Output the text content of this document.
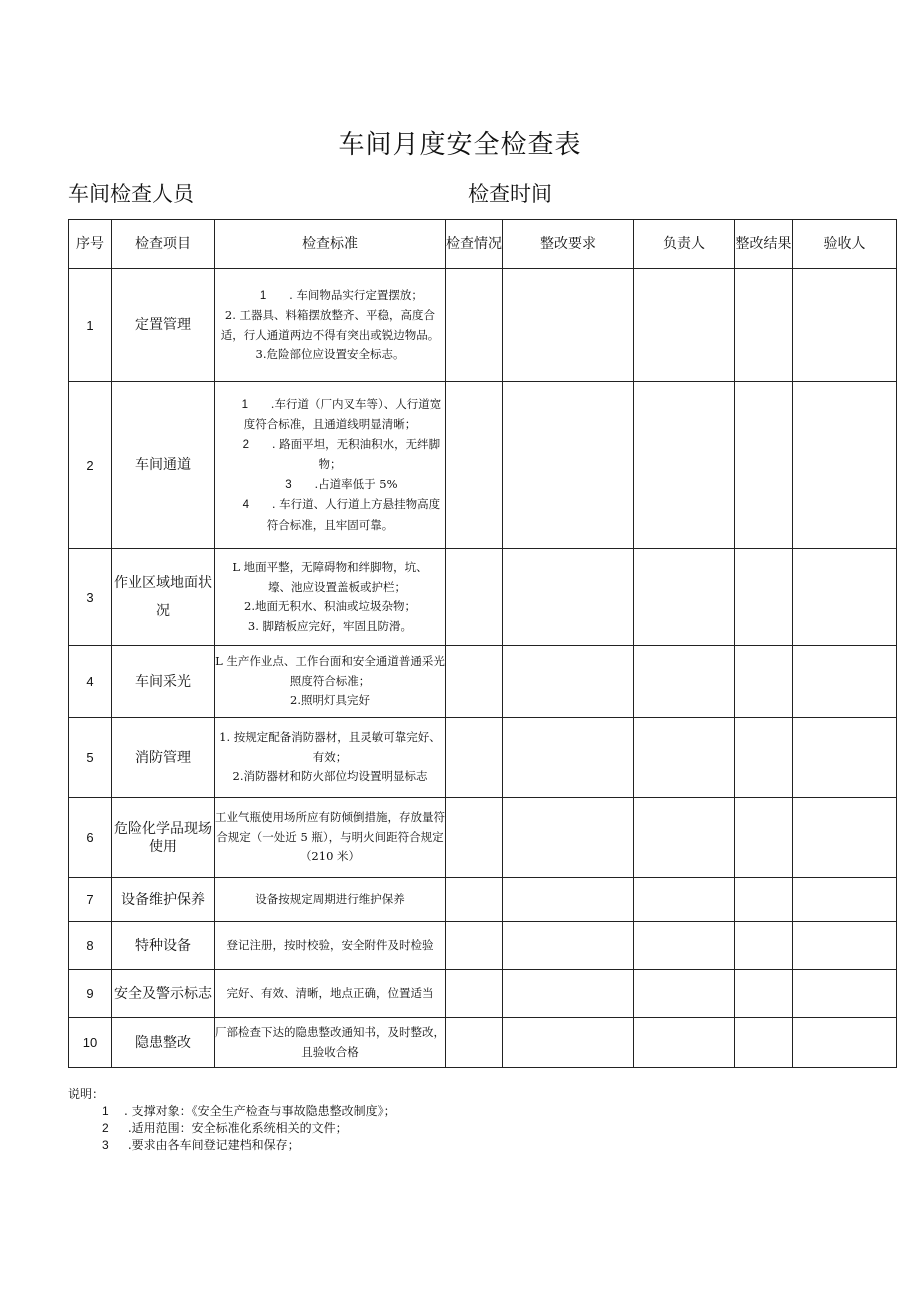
车间月度安全检查表
车间检查人员	检查时间
序号	检查项目	检查标准	检查情况	整改要求	负责人	整改结果	验收人
1	定置管理	1 . 车间物品实行定置摆放；
2. 工器具、料箱摆放整齐、平稳，高度合适，行人通道两边不得有突出或锐边物品。
3.危险部位应设置安全标志。					

2	车间通道	1 .车行道（厂内叉车等）、人行道宽度符合标准，且通道线明显清晰；
2 . 路面平坦，无积油积水，无绊脚物；
3 .占道率低于 5%
4 . 车行道、人行道上方悬挂物高度符合标准，且牢固可靠。					

3	作业区域地面状况	L 地面平整，无障碍物和绊脚物，坑、
壕、池应设置盖板或护栏；
2.地面无积水、积油或垃圾杂物；
3. 脚踏板应完好，牢固且防滑。					

4	车间采光	L 生产作业点、工作台面和安全通道普通采光照度符合标准；
2.照明灯具完好					

5	消防管理	1. 按规定配备消防器材，且灵敏可靠完好、有效；
2.消防器材和防火部位均设置明显标志					

6	危险化学品现场使用	工业气瓶使用场所应有防倾倒措施，存放量符合规定（一处近 5 瓶），与明火间距符合规定（210 米）					

7	设备维护保养	设备按规定周期进行维护保养					

8	特种设备	登记注册，按时校验，安全附件及时检验					

9	安全及警示标志	完好、有效、清晰，地点正确，位置适当					

10	隐患整改	厂部检查下达的隐患整改通知书，及时整改，且验收合格					

说明：
1 . 支撑对象：《安全生产检查与事故隐患整改制度》；
2 .适用范围：安全标准化系统相关的文件；
3 .要求由各车间登记建档和保存；
